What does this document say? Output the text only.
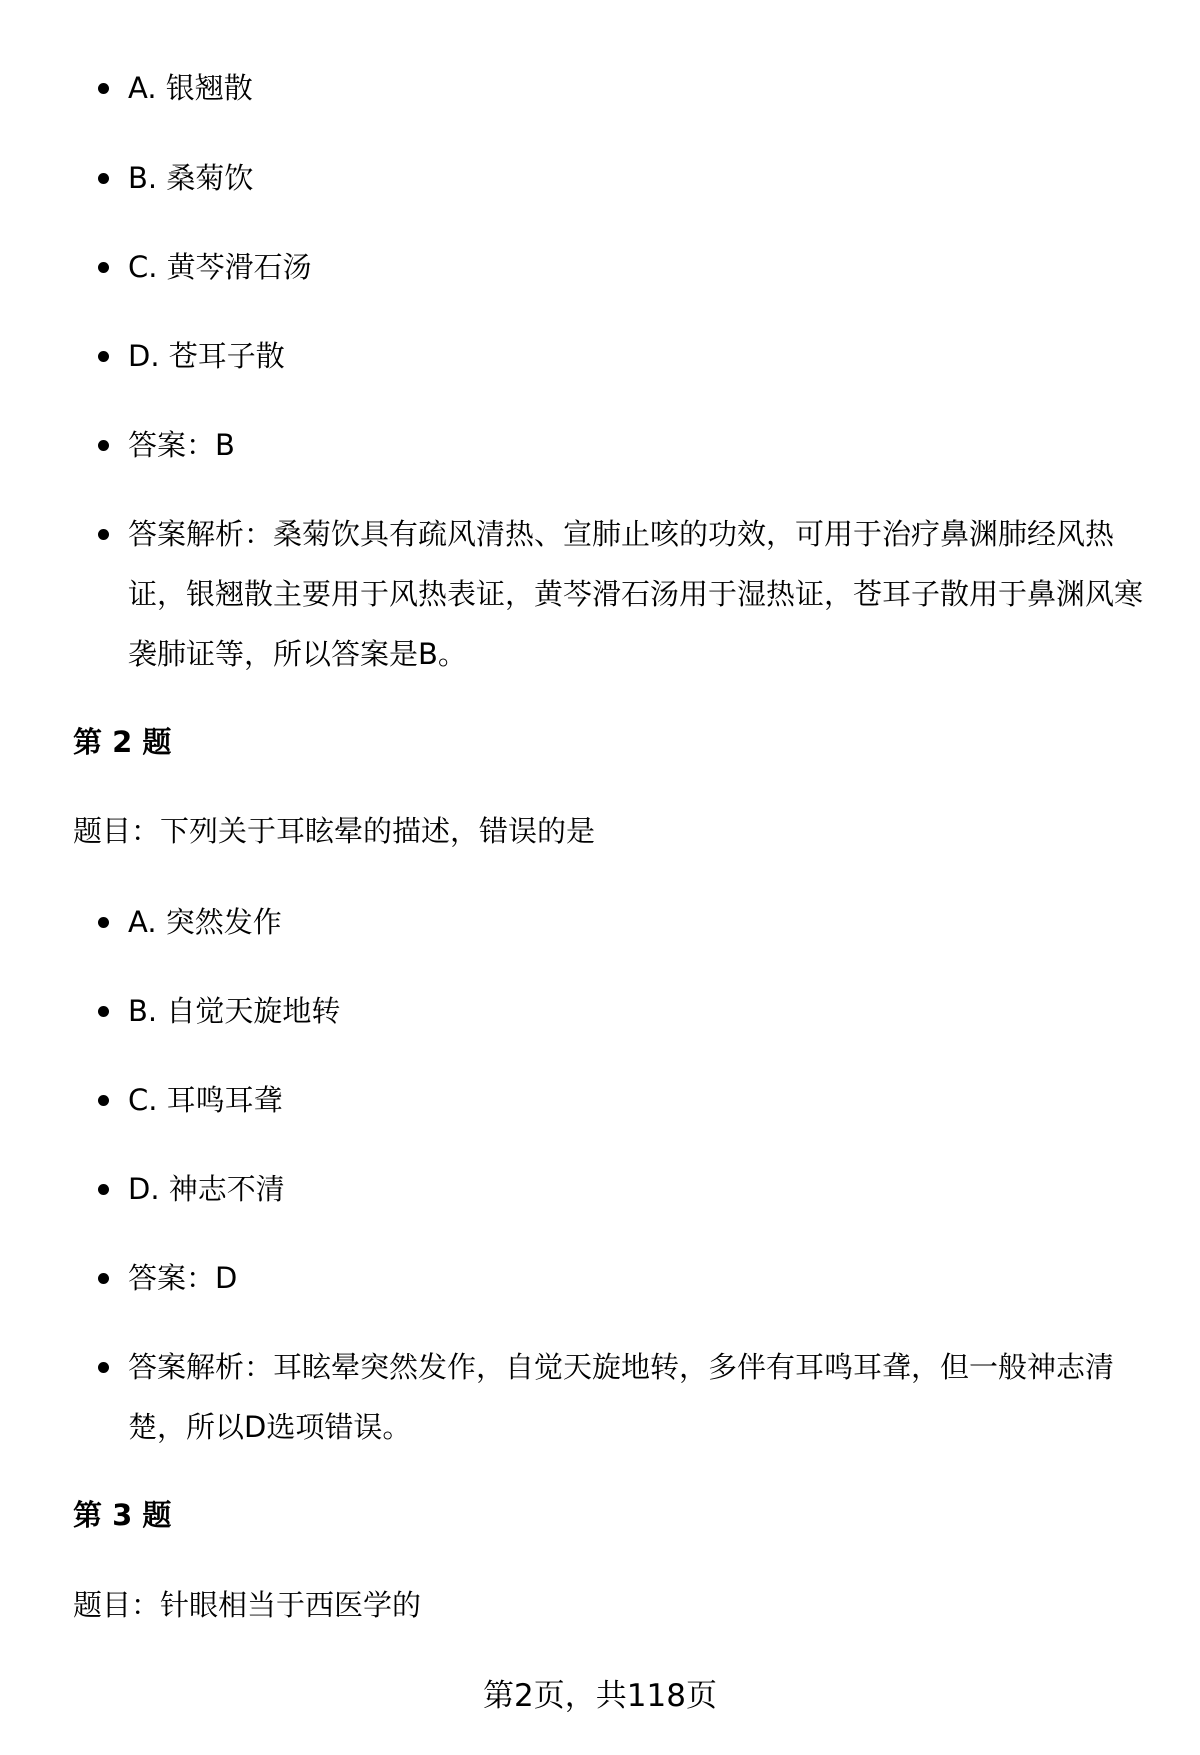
A. 银翘散
B. 桑菊饮
C. 黄芩滑石汤
D. 苍耳子散
答案：B
答案解析：桑菊饮具有疏风清热、宣肺止咳的功效，可用于治疗鼻渊肺经风热证，银翘散主要用于风热表证，黄芩滑石汤用于湿热证，苍耳子散用于鼻渊风寒袭肺证等，所以答案是B。
第 2 题
题目：下列关于耳眩晕的描述，错误的是
A. 突然发作
B. 自觉天旋地转
C. 耳鸣耳聋
D. 神志不清
答案：D
答案解析：耳眩晕突然发作，自觉天旋地转，多伴有耳鸣耳聋，但一般神志清楚，所以D选项错误。
第 3 题
题目：针眼相当于西医学的
第2页，共118页
